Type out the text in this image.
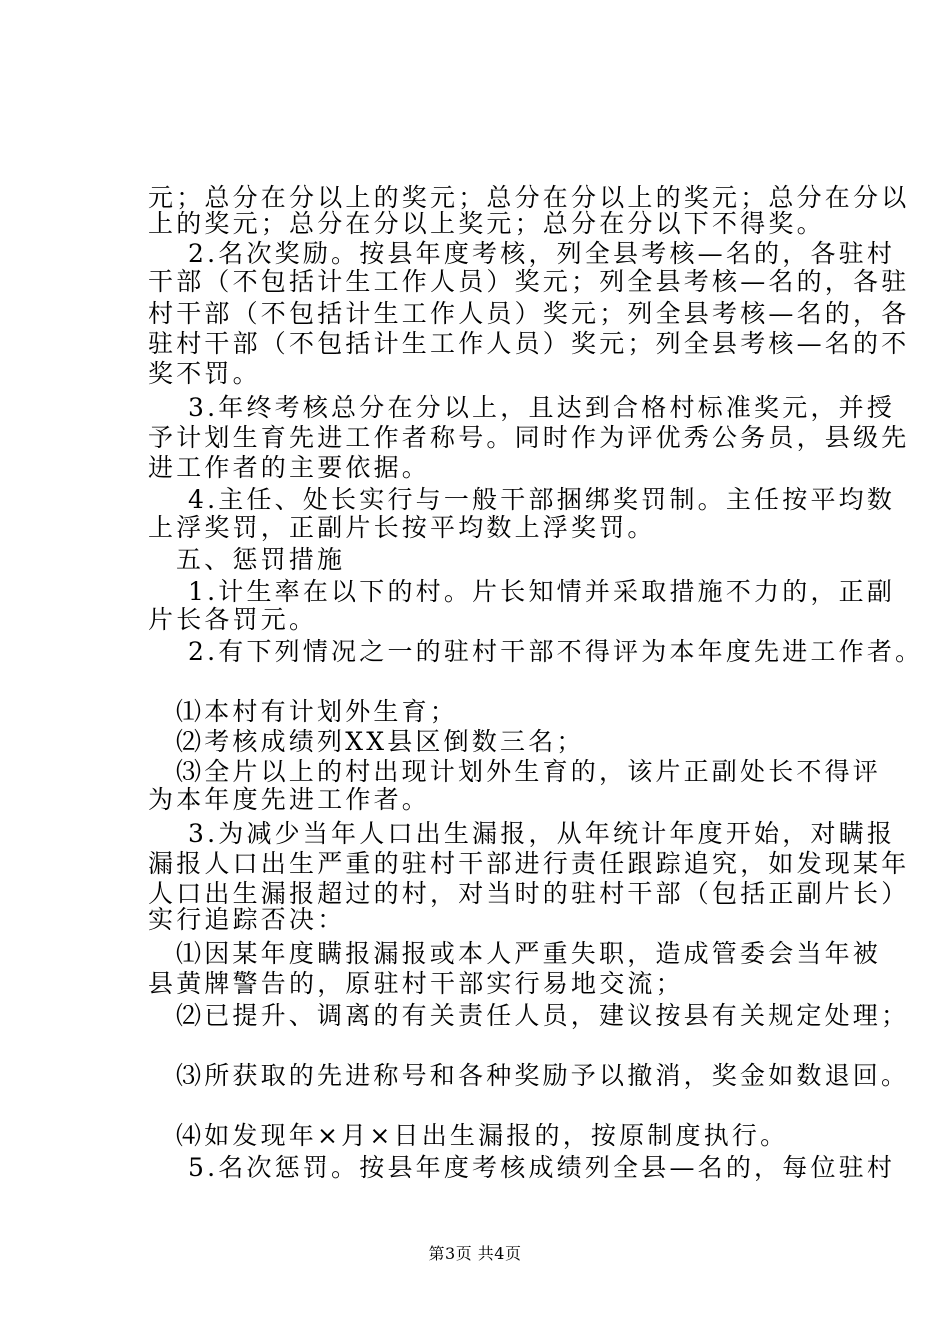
元；总分在分以上的奖元；总分在分以上的奖元；总分在分以
上的奖元；总分在分以上奖元；总分在分以下不得奖。
2.名次奖励。按县年度考核，列全县考核—名的，各驻村
干部（不包括计生工作人员）奖元；列全县考核—名的，各驻
村干部（不包括计生工作人员）奖元；列全县考核—名的，各
驻村干部（不包括计生工作人员）奖元；列全县考核—名的不
奖不罚。
3.年终考核总分在分以上，且达到合格村标准奖元，并授
予计划生育先进工作者称号。同时作为评优秀公务员，县级先
进工作者的主要依据。
4.主任、处长实行与一般干部捆绑奖罚制。主任按平均数
上浮奖罚，正副片长按平均数上浮奖罚。
五、惩罚措施
1.计生率在以下的村。片长知情并采取措施不力的，正副
片长各罚元。
2.有下列情况之一的驻村干部不得评为本年度先进工作者。
⑴本村有计划外生育；
⑵考核成绩列XX县区倒数三名；
⑶全片以上的村出现计划外生育的，该片正副处长不得评
为本年度先进工作者。
3.为减少当年人口出生漏报，从年统计年度开始，对瞒报
漏报人口出生严重的驻村干部进行责任跟踪追究，如发现某年
人口出生漏报超过的村，对当时的驻村干部（包括正副片长）
实行追踪否决：
⑴因某年度瞒报漏报或本人严重失职，造成管委会当年被
县黄牌警告的，原驻村干部实行易地交流；
⑵已提升、调离的有关责任人员，建议按县有关规定处理；
⑶所获取的先进称号和各种奖励予以撤消，奖金如数退回。
⑷如发现年×月×日出生漏报的，按原制度执行。
5.名次惩罚。按县年度考核成绩列全县—名的，每位驻村
第3页 共4页
